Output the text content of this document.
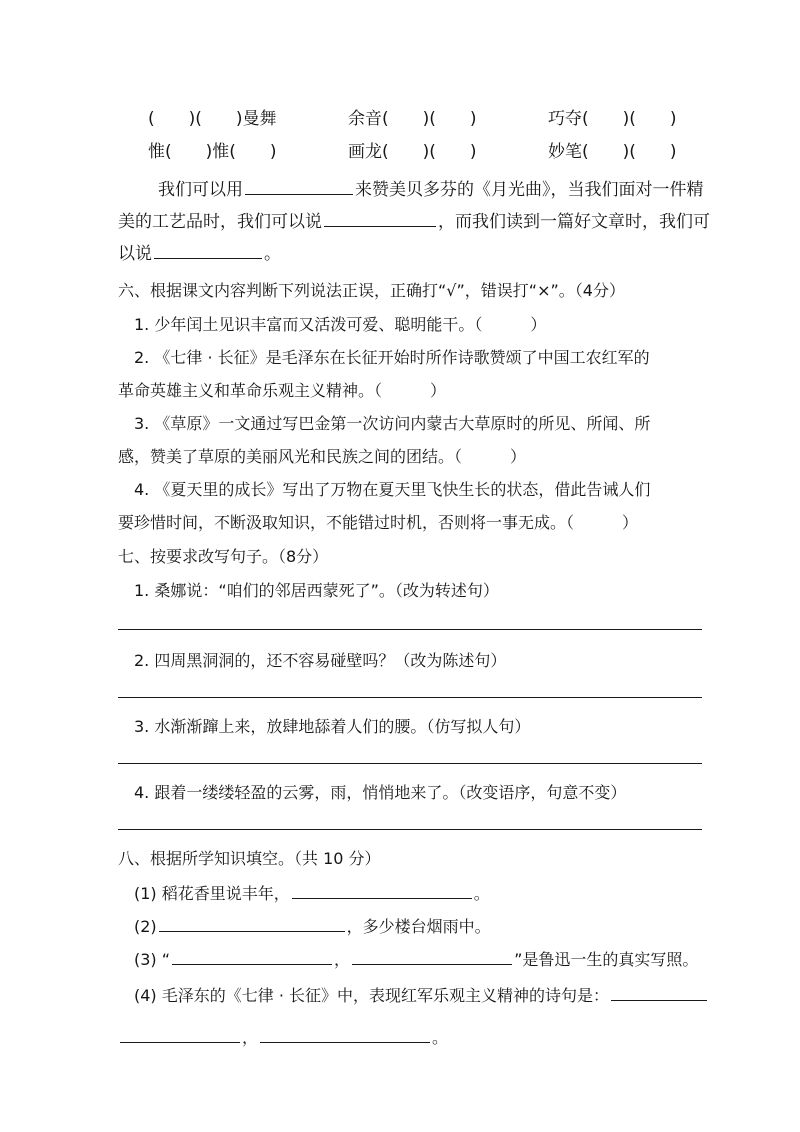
(　　)(　　)曼舞	余音(　　)(　　)	巧夺(　　)(　　)
惟(　　)惟(　　)	画龙(　　)(　　)	妙笔(　　)(　　)
我们可以用	来赞美贝多芬的《月光曲》，当我们面对一件精
美的工艺品时，我们可以说	，而我们读到一篇好文章时，我们可
以说	。
六、根据课文内容判断下列说法正误，正确打“√”，错误打“×”。（4分）
1. 少年闰土见识丰富而又活泼可爱、聪明能干。（　　　）
2. 《七律 · 长征》是毛泽东在长征开始时所作诗歌赞颂了中国工农红军的
革命英雄主义和革命乐观主义精神。（　　　）
3. 《草原》一文通过写巴金第一次访问内蒙古大草原时的所见、所闻、所
感，赞美了草原的美丽风光和民族之间的团结。（　　　）
4. 《夏天里的成长》写出了万物在夏天里飞快生长的状态，借此告诫人们
要珍惜时间，不断汲取知识，不能错过时机，否则将一事无成。（　　　）
七、按要求改写句子。（8分）
1. 桑娜说：“咱们的邻居西蒙死了”。（改为转述句）
2. 四周黑洞洞的，还不容易碰壁吗？（改为陈述句）
3. 水渐渐蹿上来，放肆地舔着人们的腰。（仿写拟人句）
4. 跟着一缕缕轻盈的云雾，雨，悄悄地来了。（改变语序，句意不变）
八、根据所学知识填空。（共 10 分）
(1) 稻花香里说丰年，	。
(2)	，多少楼台烟雨中。
(3) “	，	”是鲁迅一生的真实写照。
(4) 毛泽东的《七律 · 长征》中，表现红军乐观主义精神的诗句是：
，	。
